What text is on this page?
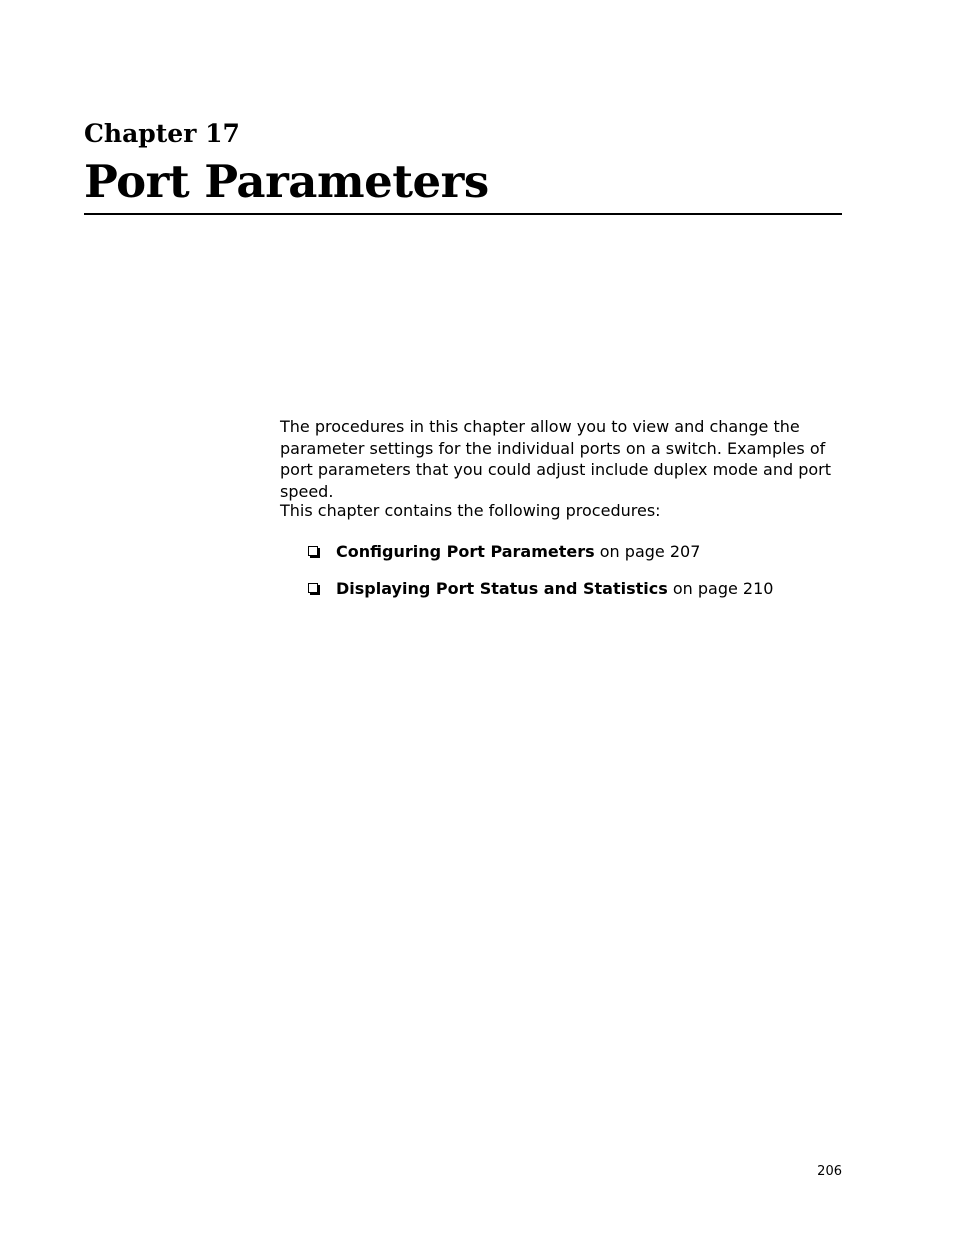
Chapter 17
Port Parameters

The procedures in this chapter allow you to view and change the parameter settings for the individual ports on a switch. Examples of port parameters that you could adjust include duplex mode and port speed.

This chapter contains the following procedures:

Configuring Port Parameters on page 207
Displaying Port Status and Statistics on page 210

206
